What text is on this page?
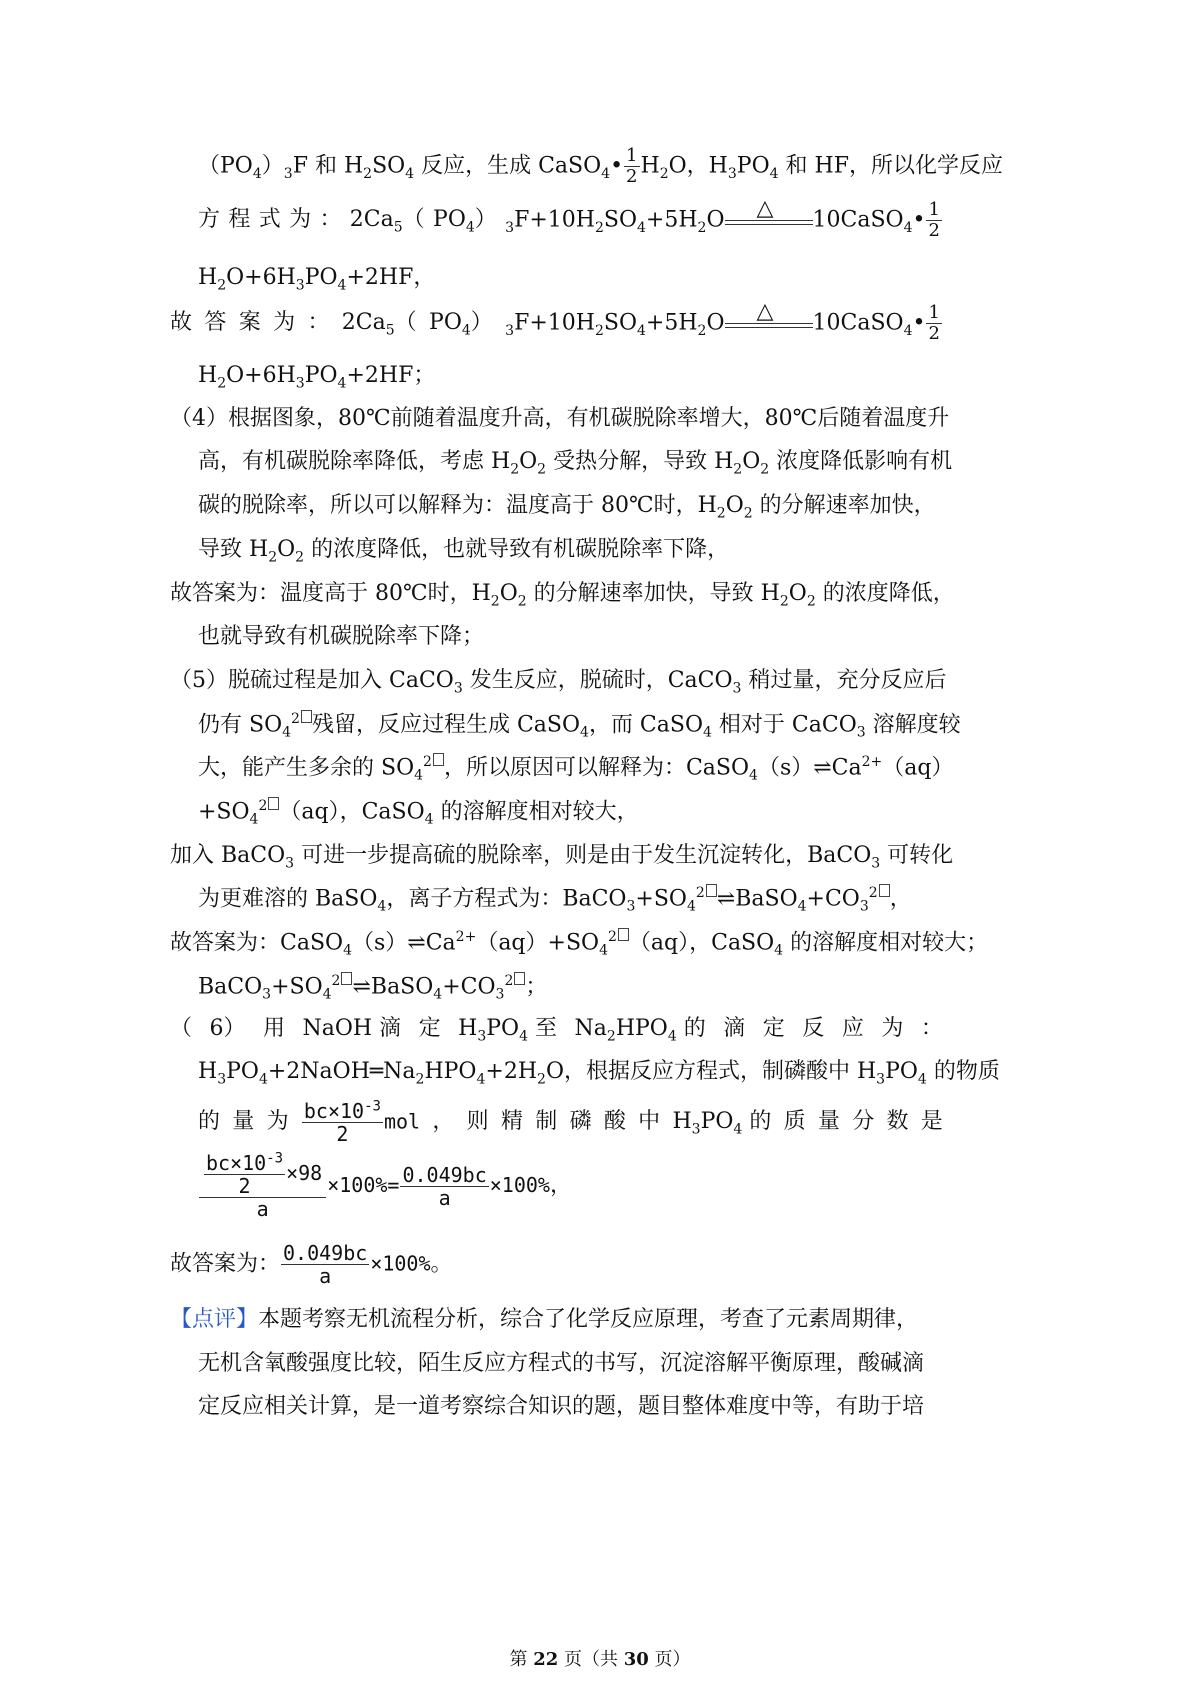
$(PO_4)_3F$ 和 $H_2SO_4$ 反应，生成 CaSO$_4$• $\frac{1}{2} H_2O$，$H_3PO_4$ 和 HF，所以化学反应
方 程 式 为 ： $2Ca_5$（ $PO_4$） $_3F+10H_2SO_4+5H_2O$ △ 10CaSO$_4$• $\frac{1}{2}$
$H_2O+6H_3PO_4+2HF$，
故 答 案 为 ： $2Ca_5$（ $PO_4$） $_3F+10H_2SO_4+5H_2O$ △ 10CaSO$_4$• $\frac{1}{2}$
$H_2O+6H_3PO_4+2HF$；
（4）根据图象，80℃前随着温度升高，有机碳脱除率增大，80℃后随着温度升
高，有机碳脱除率降低，考虑 $H_2O_2$ 受热分解，导致 $H_2O_2$ 浓度降低影响有机
碳的脱除率，所以可以解释为：温度高于 80℃时，$H_2O_2$ 的分解速率加快，
导致 $H_2O_2$ 的浓度降低，也就导致有机碳脱除率下降，
故答案为：温度高于 80℃时，$H_2O_2$ 的分解速率加快，导致 $H_2O_2$ 的浓度降低，
也就导致有机碳脱除率下降；
（5）脱硫过程是加入 CaCO$_3$ 发生反应，脱硫时，CaCO$_3$ 稍过量，充分反应后
仍有 $SO_4^2$ 残留，反应过程生成 CaSO$_4$，而 CaSO$_4$ 相对于 CaCO$_3$ 溶解度较
大，能产生多余的 $SO_4^2$ ，所以原因可以解释为：$CaSO_4(s)\rightleftharpoons Ca^{2+}(aq)$
$+SO_4^2$ （aq），CaSO$_4$ 的溶解度相对较大，
加入 BaCO$_3$ 可进一步提高硫的脱除率，则是由于发生沉淀转化，BaCO$_3$ 可转化
为更难溶的 BaSO$_4$，离子方程式为：$BaCO_3+SO_4^2$ $\rightleftharpoons BaSO_4+CO_3^2$ ，
故答案为：$CaSO_4(s)\rightleftharpoons Ca^{2+}(aq)+SO_4^2$ （aq），CaSO$_4$ 的溶解度相对较大；
$BaCO_3+SO_4^2$ $\rightleftharpoons BaSO_4+CO_3^2$ ；
（ 6） 用 NaOH 滴 定 $H_3PO_4$ 至 $Na_2HPO_4$ 的 滴 定 反 应 为 ：
$H_3PO_4+2NaOH═Na_2HPO_4+2H_2O$，根据反应方程式，制磷酸中 $H_3PO_4$ 的物质
的 量 为 $\frac{bc\times 10^{-3}}{2}$ mol ， 则 精 制 磷 酸 中 $H_3PO_4$ 的 质 量 分 数 是
$\frac{\frac{bc\times 10^{-3}}{2} \times 98}{a} \times 100\%= \frac{0.049bc}{a} \times 100\%$，
故答案为： $\frac{0.049bc}{a} \times 100\%$。
【点评】本题考察无机流程分析，综合了化学反应原理，考查了元素周期律，
无机含氧酸强度比较，陌生反应方程式的书写，沉淀溶解平衡原理，酸碱滴
定反应相关计算，是一道考察综合知识的题，题目整体难度中等，有助于培
第 22 页（共 30 页）
